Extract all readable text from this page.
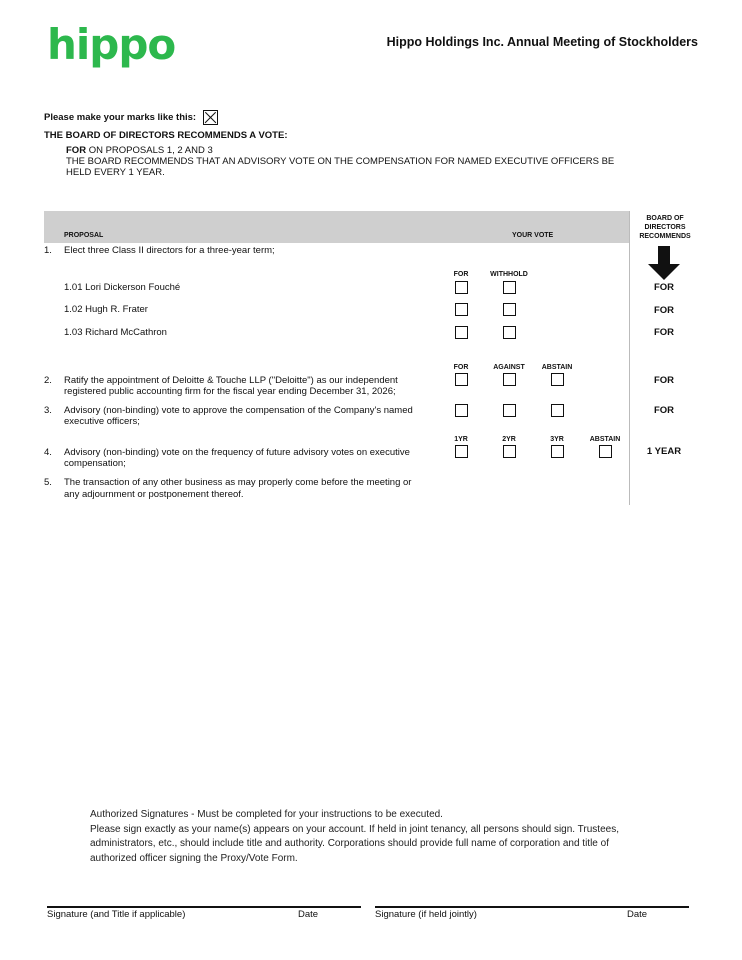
hippo	Hippo Holdings Inc. Annual Meeting of Stockholders
Please make your marks like this:
THE BOARD OF DIRECTORS RECOMMENDS A VOTE:
FOR ON PROPOSALS 1, 2 AND 3
THE BOARD RECOMMENDS THAT AN ADVISORY VOTE ON THE COMPENSATION FOR NAMED EXECUTIVE OFFICERS BE
HELD EVERY 1 YEAR.
PROPOSAL	YOUR VOTE
BOARD OF DIRECTORS RECOMMENDS
1. Elect three Class II directors for a three-year term;
FOR	WITHHOLD
1.01 Lori Dickerson Fouché	FOR
1.02 Hugh R. Frater	FOR
1.03 Richard McCathron	FOR
FOR	AGAINST	ABSTAIN
2. Ratify the appointment of Deloitte & Touche LLP ("Deloitte") as our independent
registered public accounting firm for the fiscal year ending December 31, 2026;
FOR
3. Advisory (non-binding) vote to approve the compensation of the Company's named
executive officers;
FOR
1YR	2YR	3YR	ABSTAIN
4. Advisory (non-binding) vote on the frequency of future advisory votes on executive
compensation;
1 YEAR
5. The transaction of any other business as may properly come before the meeting or
any adjournment or postponement thereof.
Authorized Signatures - Must be completed for your instructions to be executed.
Please sign exactly as your name(s) appears on your account. If held in joint tenancy, all persons should sign. Trustees, administrators, etc., should include title and authority. Corporations should provide full name of corporation and title of authorized officer signing the Proxy/Vote Form.
Signature (and Title if applicable)	Date	Signature (if held jointly)	Date
